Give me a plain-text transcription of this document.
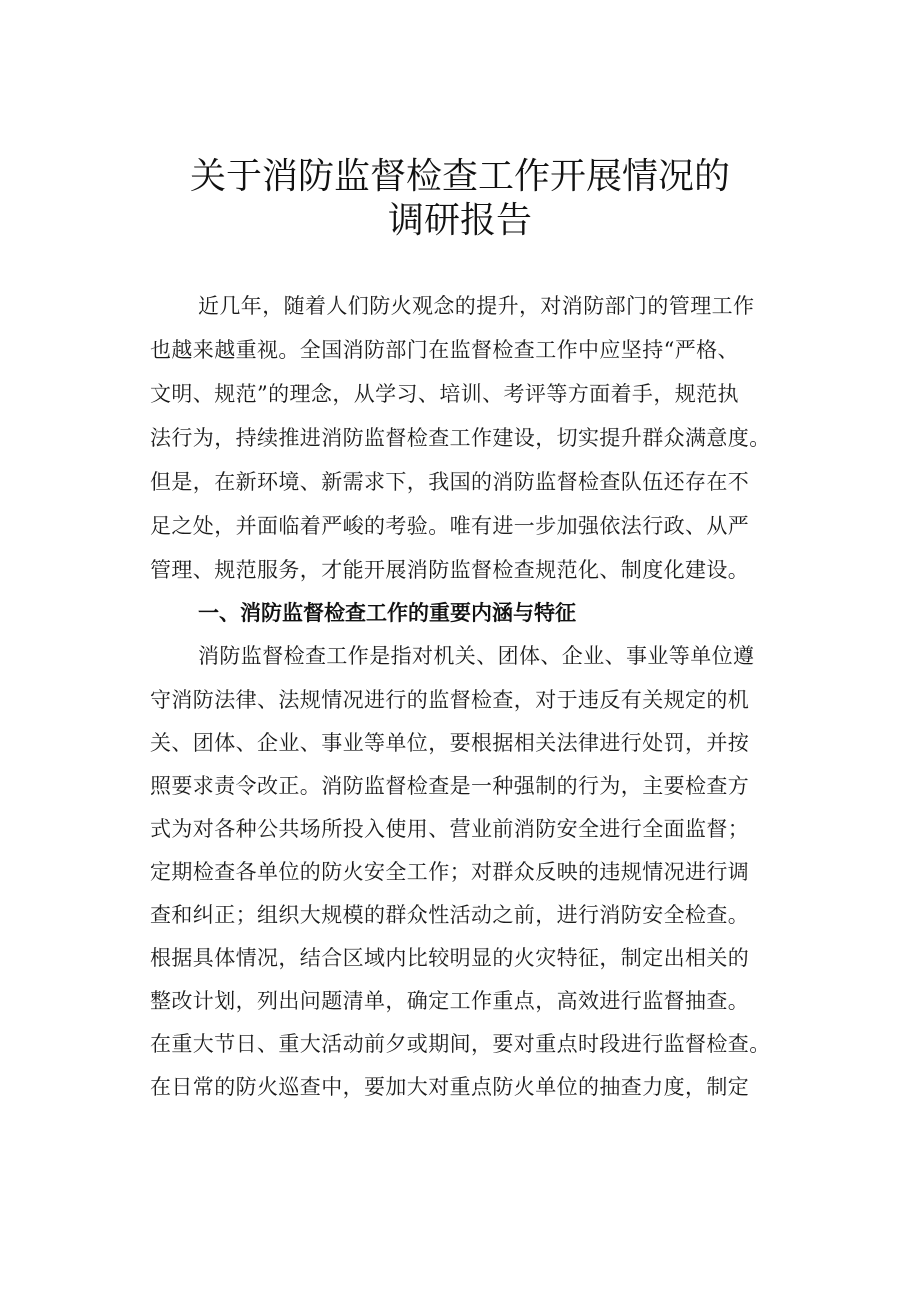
关于消防监督检查工作开展情况的
调研报告
近几年，随着人们防火观念的提升，对消防部门的管理工作
也越来越重视。全国消防部门在监督检查工作中应坚持“严格、
文明、规范”的理念，从学习、培训、考评等方面着手，规范执
法行为，持续推进消防监督检查工作建设，切实提升群众满意度。
但是，在新环境、新需求下，我国的消防监督检查队伍还存在不
足之处，并面临着严峻的考验。唯有进一步加强依法行政、从严
管理、规范服务，才能开展消防监督检查规范化、制度化建设。
一、消防监督检查工作的重要内涵与特征
消防监督检查工作是指对机关、团体、企业、事业等单位遵
守消防法律、法规情况进行的监督检查，对于违反有关规定的机
关、团体、企业、事业等单位，要根据相关法律进行处罚，并按
照要求责令改正。消防监督检查是一种强制的行为，主要检查方
式为对各种公共场所投入使用、营业前消防安全进行全面监督；
定期检查各单位的防火安全工作；对群众反映的违规情况进行调
查和纠正；组织大规模的群众性活动之前，进行消防安全检查。
根据具体情况，结合区域内比较明显的火灾特征，制定出相关的
整改计划，列出问题清单，确定工作重点，高效进行监督抽查。
在重大节日、重大活动前夕或期间，要对重点时段进行监督检查。
在日常的防火巡查中，要加大对重点防火单位的抽查力度，制定
